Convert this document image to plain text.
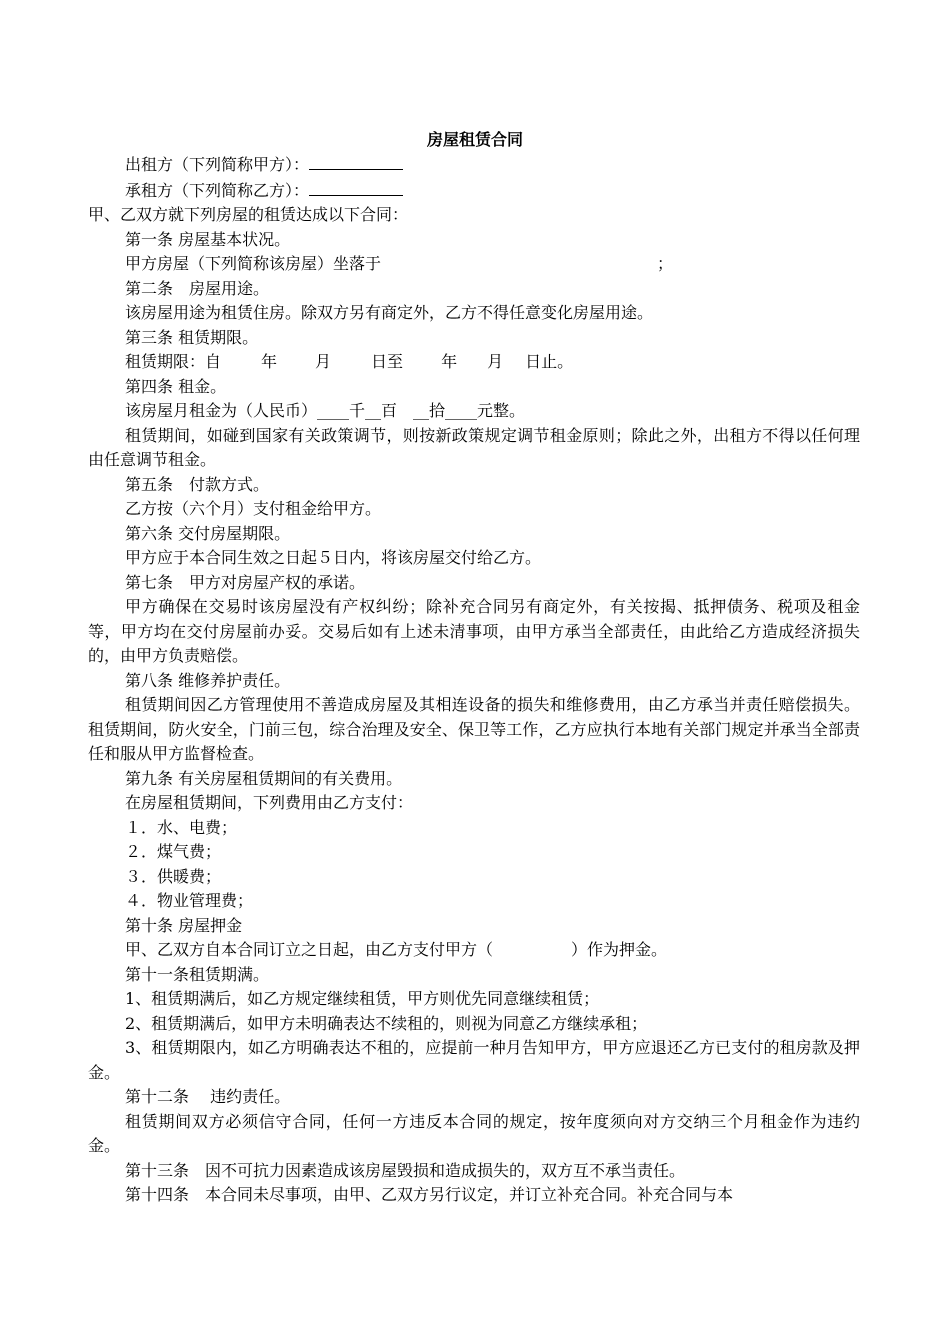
房屋租赁合同

出租方（下列简称甲方）：

承租方（下列简称乙方）：

甲、乙双方就下列房屋的租赁达成以下合同：

第一条 房屋基本状况。

甲方房屋（下列简称该房屋）坐落于	；

第二条　房屋用途。

该房屋用途为租赁住房。除双方另有商定外，乙方不得任意变化房屋用途。

第三条 租赁期限。

租赁期限：自	年 月	日至 年 月 日止。

第四条 租金。

该房屋月租金为（人民币）____千__百　__拾____元整。

租赁期间，如碰到国家有关政策调节，则按新政策规定调节租金原则；除此之外，出租方不得以任何理由任意调节租金。

第五条　付款方式。

乙方按（六个月）支付租金给甲方。

第六条 交付房屋期限。

甲方应于本合同生效之日起５日内，将该房屋交付给乙方。

第七条　甲方对房屋产权的承诺。

甲方确保在交易时该房屋没有产权纠纷；除补充合同另有商定外，有关按揭、抵押债务、税项及租金等，甲方均在交付房屋前办妥。交易后如有上述未清事项，由甲方承当全部责任，由此给乙方造成经济损失的，由甲方负责赔偿。

第八条 维修养护责任。

租赁期间因乙方管理使用不善造成房屋及其相连设备的损失和维修费用，由乙方承当并责任赔偿损失。租赁期间，防火安全，门前三包，综合治理及安全、保卫等工作，乙方应执行本地有关部门规定并承当全部责任和服从甲方监督检查。

第九条 有关房屋租赁期间的有关费用。

在房屋租赁期间，下列费用由乙方支付：

１．水、电费；

２．煤气费；

３．供暖费；

４．物业管理费；

第十条 房屋押金

甲、乙双方自本合同订立之日起，由乙方支付甲方（	）作为押金。

第十一条租赁期满。

1、租赁期满后，如乙方规定继续租赁，甲方则优先同意继续租赁；

2、租赁期满后，如甲方未明确表达不续租的，则视为同意乙方继续承租；

3、租赁期限内，如乙方明确表达不租的，应提前一种月告知甲方，甲方应退还乙方已支付的租房款及押金。

第十二条　 违约责任。

租赁期间双方必须信守合同，任何一方违反本合同的规定，按年度须向对方交纳三个月租金作为违约金。

第十三条　因不可抗力因素造成该房屋毁损和造成损失的，双方互不承当责任。

第十四条　本合同未尽事项，由甲、乙双方另行议定，并订立补充合同。补充合同与本
